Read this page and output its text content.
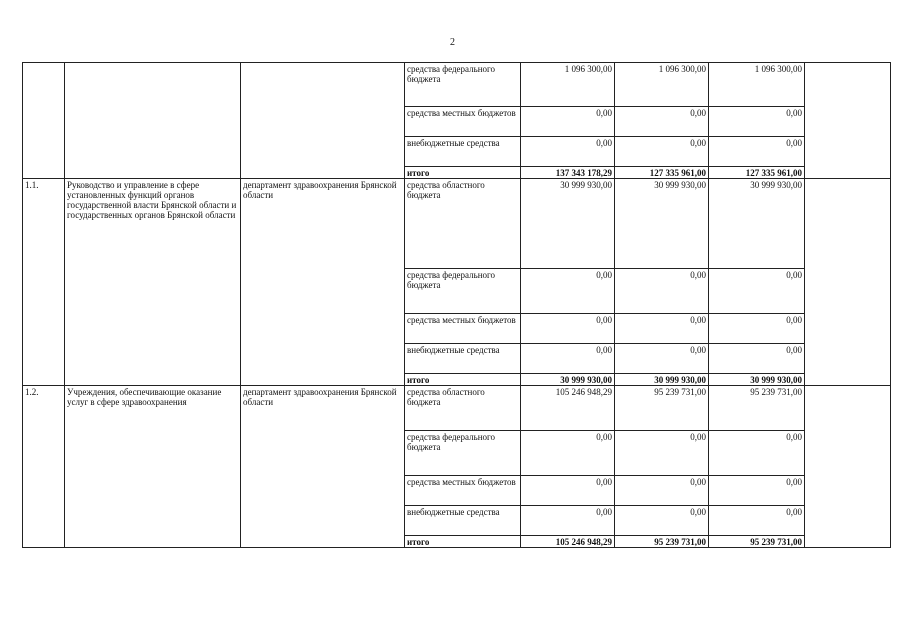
2
			средства федерального бюджета	1 096 300,00	1 096 300,00	1 096 300,00	
			средства местных бюджетов	0,00	0,00	0,00	
			внебюджетные средства	0,00	0,00	0,00	
			итого	137 343 178,29	127 335 961,00	127 335 961,00	
1.1.	Руководство и управление в сфере установленных функций органов государственной власти Брянской области и государственных органов Брянской области	департамент здравоохранения Брянской области	средства областного бюджета	30 999 930,00	30 999 930,00	30 999 930,00	
			средства федерального бюджета	0,00	0,00	0,00	
			средства местных бюджетов	0,00	0,00	0,00	
			внебюджетные средства	0,00	0,00	0,00	
			итого	30 999 930,00	30 999 930,00	30 999 930,00	
1.2.	Учреждения, обеспечивающие оказание услуг в сфере здравоохранения	департамент здравоохранения Брянской области	средства областного бюджета	105 246 948,29	95 239 731,00	95 239 731,00	
			средства федерального бюджета	0,00	0,00	0,00	
			средства местных бюджетов	0,00	0,00	0,00	
			внебюджетные средства	0,00	0,00	0,00	
			итого	105 246 948,29	95 239 731,00	95 239 731,00	
